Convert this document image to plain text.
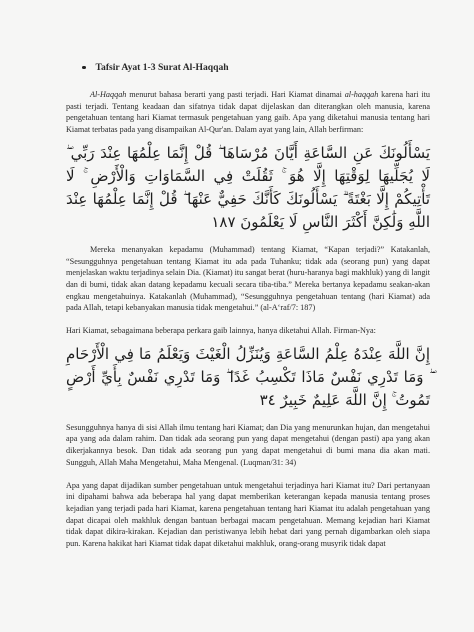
Tafsir Ayat 1-3 Surat Al-Haqqah

Al-Haqqah menurut bahasa berarti yang pasti terjadi. Hari Kiamat dinamai al-haqqah karena hari itu pasti terjadi. Tentang keadaan dan sifatnya tidak dapat dijelaskan dan diterangkan oleh manusia, karena pengetahuan tentang hari Kiamat termasuk pengetahuan yang gaib. Apa yang diketahui manusia tentang hari Kiamat terbatas pada yang disampaikan Al-Qur'an. Dalam ayat yang lain, Allah berfirman:

يَسْأَلُونَكَ عَنِ السَّاعَةِ أَيَّانَ مُرْسَاهَا ۖ قُلْ إِنَّمَا عِلْمُهَا عِنْدَ رَبِّي ۖ لَا يُجَلِّيهَا لِوَقْتِهَا إِلَّا هُوَ ۚ ثَقُلَتْ فِي السَّمَاوَاتِ وَالْأَرْضِ ۚ لَا تَأْتِيكُمْ إِلَّا بَغْتَةً ۗ يَسْأَلُونَكَ كَأَنَّكَ حَفِيٌّ عَنْهَا ۖ قُلْ إِنَّمَا عِلْمُهَا عِنْدَ اللَّهِ وَلَٰكِنَّ أَكْثَرَ النَّاسِ لَا يَعْلَمُونَ ١٨٧

Mereka menanyakan kepadamu (Muhammad) tentang Kiamat, “Kapan terjadi?” Katakanlah, “Sesungguhnya pengetahuan tentang Kiamat itu ada pada Tuhanku; tidak ada (seorang pun) yang dapat menjelaskan waktu terjadinya selain Dia. (Kiamat) itu sangat berat (huru-haranya bagi makhluk) yang di langit dan di bumi, tidak akan datang kepadamu kecuali secara tiba-tiba.” Mereka bertanya kepadamu seakan-akan engkau mengetahuinya. Katakanlah (Muhammad), “Sesungguhnya pengetahuan tentang (hari Kiamat) ada pada Allah, tetapi kebanyakan manusia tidak mengetahui.” (al-A‘raf/7: 187)

Hari Kiamat, sebagaimana beberapa perkara gaib lainnya, hanya diketahui Allah. Firman-Nya:

إِنَّ اللَّهَ عِنْدَهُ عِلْمُ السَّاعَةِ وَيُنَزِّلُ الْغَيْثَ وَيَعْلَمُ مَا فِي الْأَرْحَامِ ۖ وَمَا تَدْرِي نَفْسٌ مَاذَا تَكْسِبُ غَدًا ۖ وَمَا تَدْرِي نَفْسٌ بِأَيِّ أَرْضٍ تَمُوتُ ۚ إِنَّ اللَّهَ عَلِيمٌ خَبِيرٌ ٣٤

Sesungguhnya hanya di sisi Allah ilmu tentang hari Kiamat; dan Dia yang menurunkan hujan, dan mengetahui apa yang ada dalam rahim. Dan tidak ada seorang pun yang dapat mengetahui (dengan pasti) apa yang akan dikerjakannya besok. Dan tidak ada seorang pun yang dapat mengetahui di bumi mana dia akan mati. Sungguh, Allah Maha Mengetahui, Maha Mengenal. (Luqman/31: 34)

Apa yang dapat dijadikan sumber pengetahuan untuk mengetahui terjadinya hari Kiamat itu? Dari pertanyaan ini dipahami bahwa ada beberapa hal yang dapat memberikan keterangan kepada manusia tentang proses kejadian yang terjadi pada hari Kiamat, karena pengetahuan tentang hari Kiamat itu adalah pengetahuan yang dapat dicapai oleh makhluk dengan bantuan berbagai macam pengetahuan. Memang kejadian hari Kiamat tidak dapat dikira-kirakan. Kejadian dan peristiwanya lebih hebat dari yang pernah digambarkan oleh siapa pun. Karena hakikat hari Kiamat tidak dapat diketahui makhluk, orang-orang musyrik tidak dapat
